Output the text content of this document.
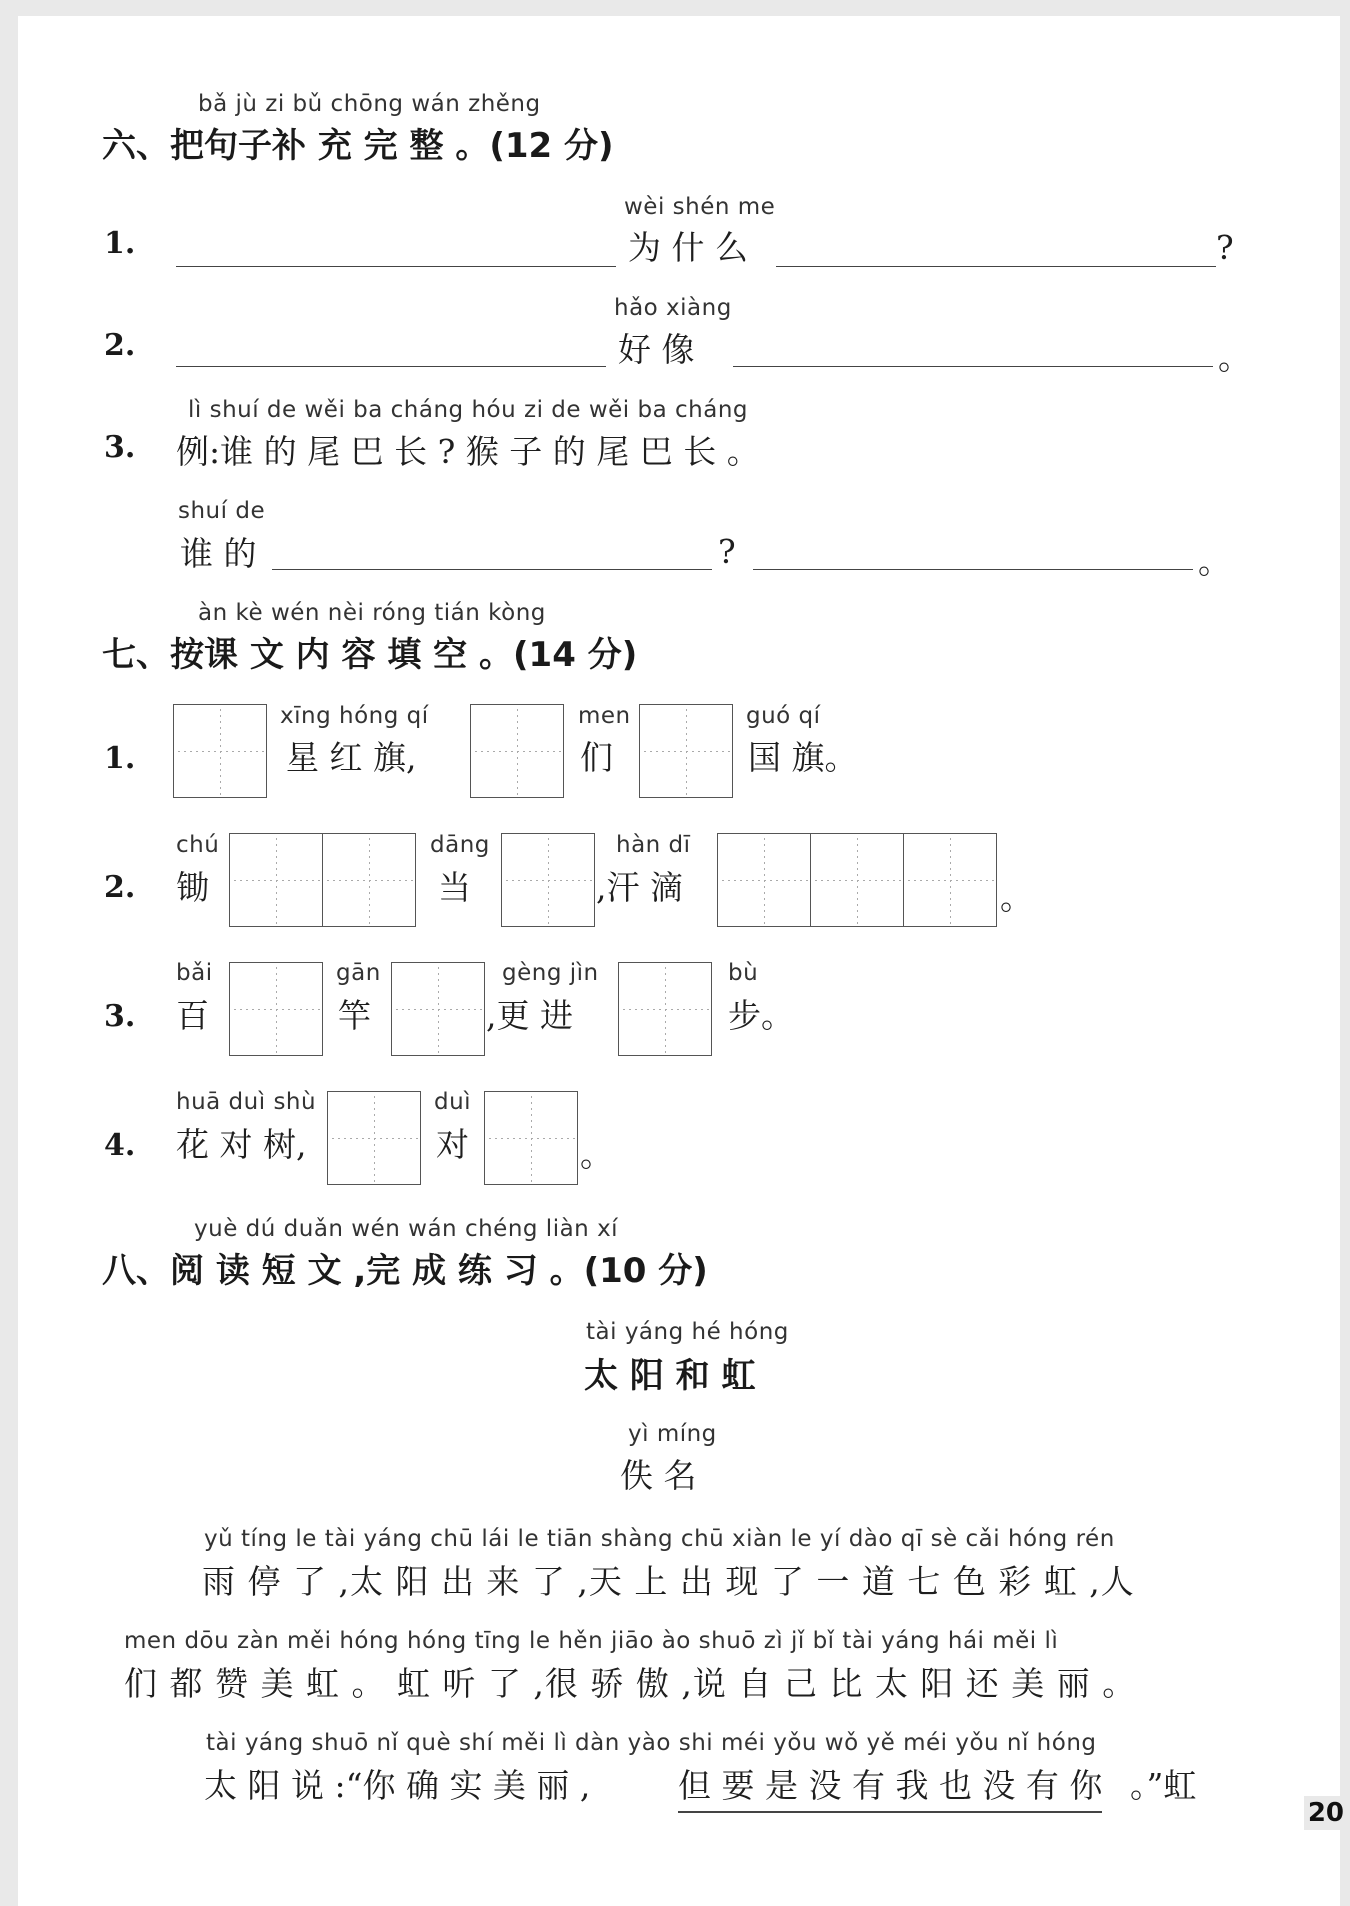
bǎ jù zi bǔ chōng wán zhěng
六、把句子补 充 完 整 。(12 分)
wèi shén me
1.	为 什 么	?
hǎo xiàng
2.	好 像	。
lì shuí de wěi ba cháng hóu zi de wěi ba cháng
3. 例:谁 的 尾 巴 长 ? 猴 子 的 尾 巴 长 。
shuí de
谁 的	?	。
àn kè wén nèi róng tián kòng
七、按课 文 内 容 填 空 。(14 分)
1.
xīng hóng qí
星 红 旗,
men
们
guó qí
国 旗。
2.
chú
锄
dāng
当
hàn dī
,汗 滴	。
3.
bǎi
百
gān
竿
gèng jìn
,更 进
bù
步。
4.
huā duì shù
花 对 树,
duì
对	。
yuè dú duǎn wén wán chéng liàn xí
八、阅 读 短 文 ,完 成 练 习 。(10 分)
tài yáng hé hóng
太 阳 和 虹
yì míng
佚 名
yǔ tíng le tài yáng chū lái le tiān shàng chū xiàn le yí dào qī sè cǎi hóng rén
雨 停 了 ,太 阳 出 来 了 ,天 上 出 现 了 一 道 七 色 彩 虹 ,人
men dōu zàn měi hóng hóng tīng le hěn jiāo ào shuō zì jǐ bǐ tài yáng hái měi lì
们 都 赞 美 虹 。 虹 听 了 ,很 骄 傲 ,说 自 己 比 太 阳 还 美 丽 。
tài yáng shuō nǐ què shí měi lì dàn yào shi méi yǒu wǒ yě méi yǒu nǐ hóng
太 阳 说 :“你 确 实 美 丽 ,	但 要 是 没 有 我 也 没 有 你 。”虹
20
